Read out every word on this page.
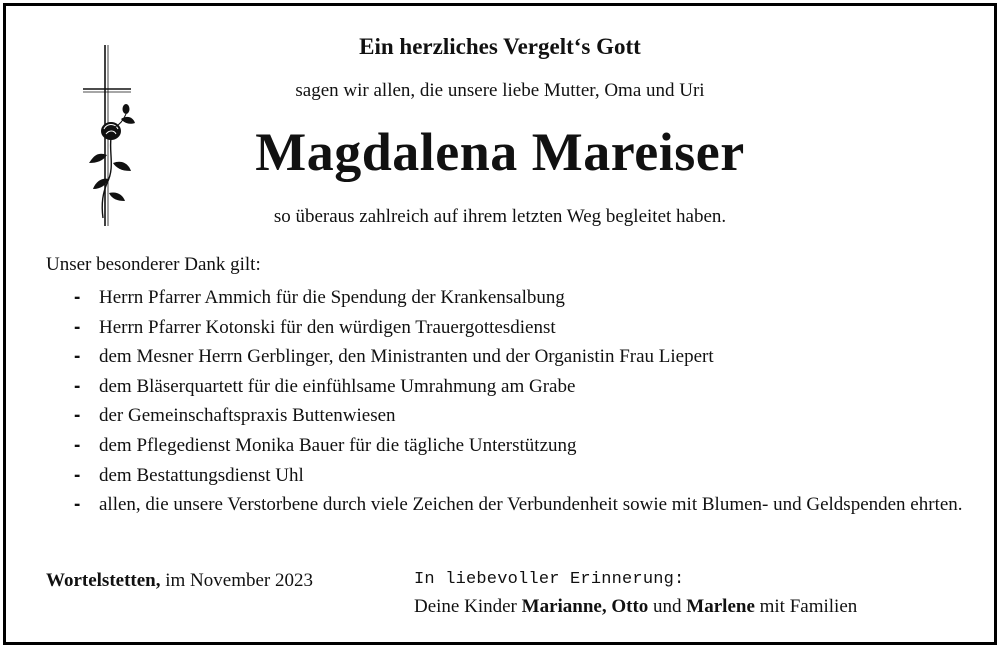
Ein herzliches Vergelt‘s Gott
sagen wir allen, die unsere liebe Mutter, Oma und Uri
Magdalena Mareiser
so überaus zahlreich auf ihrem letzten Weg begleitet haben.
Unser besonderer Dank gilt:
- Herrn Pfarrer Ammich für die Spendung der Krankensalbung
- Herrn Pfarrer Kotonski für den würdigen Trauergottesdienst
- dem Mesner Herrn Gerblinger, den Ministranten und der Organistin Frau Liepert
- dem Bläserquartett für die einfühlsame Umrahmung am Grabe
- der Gemeinschaftspraxis Buttenwiesen
- dem Pflegedienst Monika Bauer für die tägliche Unterstützung
- dem Bestattungsdienst Uhl
- allen, die unsere Verstorbene durch viele Zeichen der Verbundenheit sowie mit Blumen- und Geldspenden ehrten.
Wortelstetten, im November 2023	In liebevoller Erinnerung:
Deine Kinder Marianne, Otto und Marlene mit Familien
